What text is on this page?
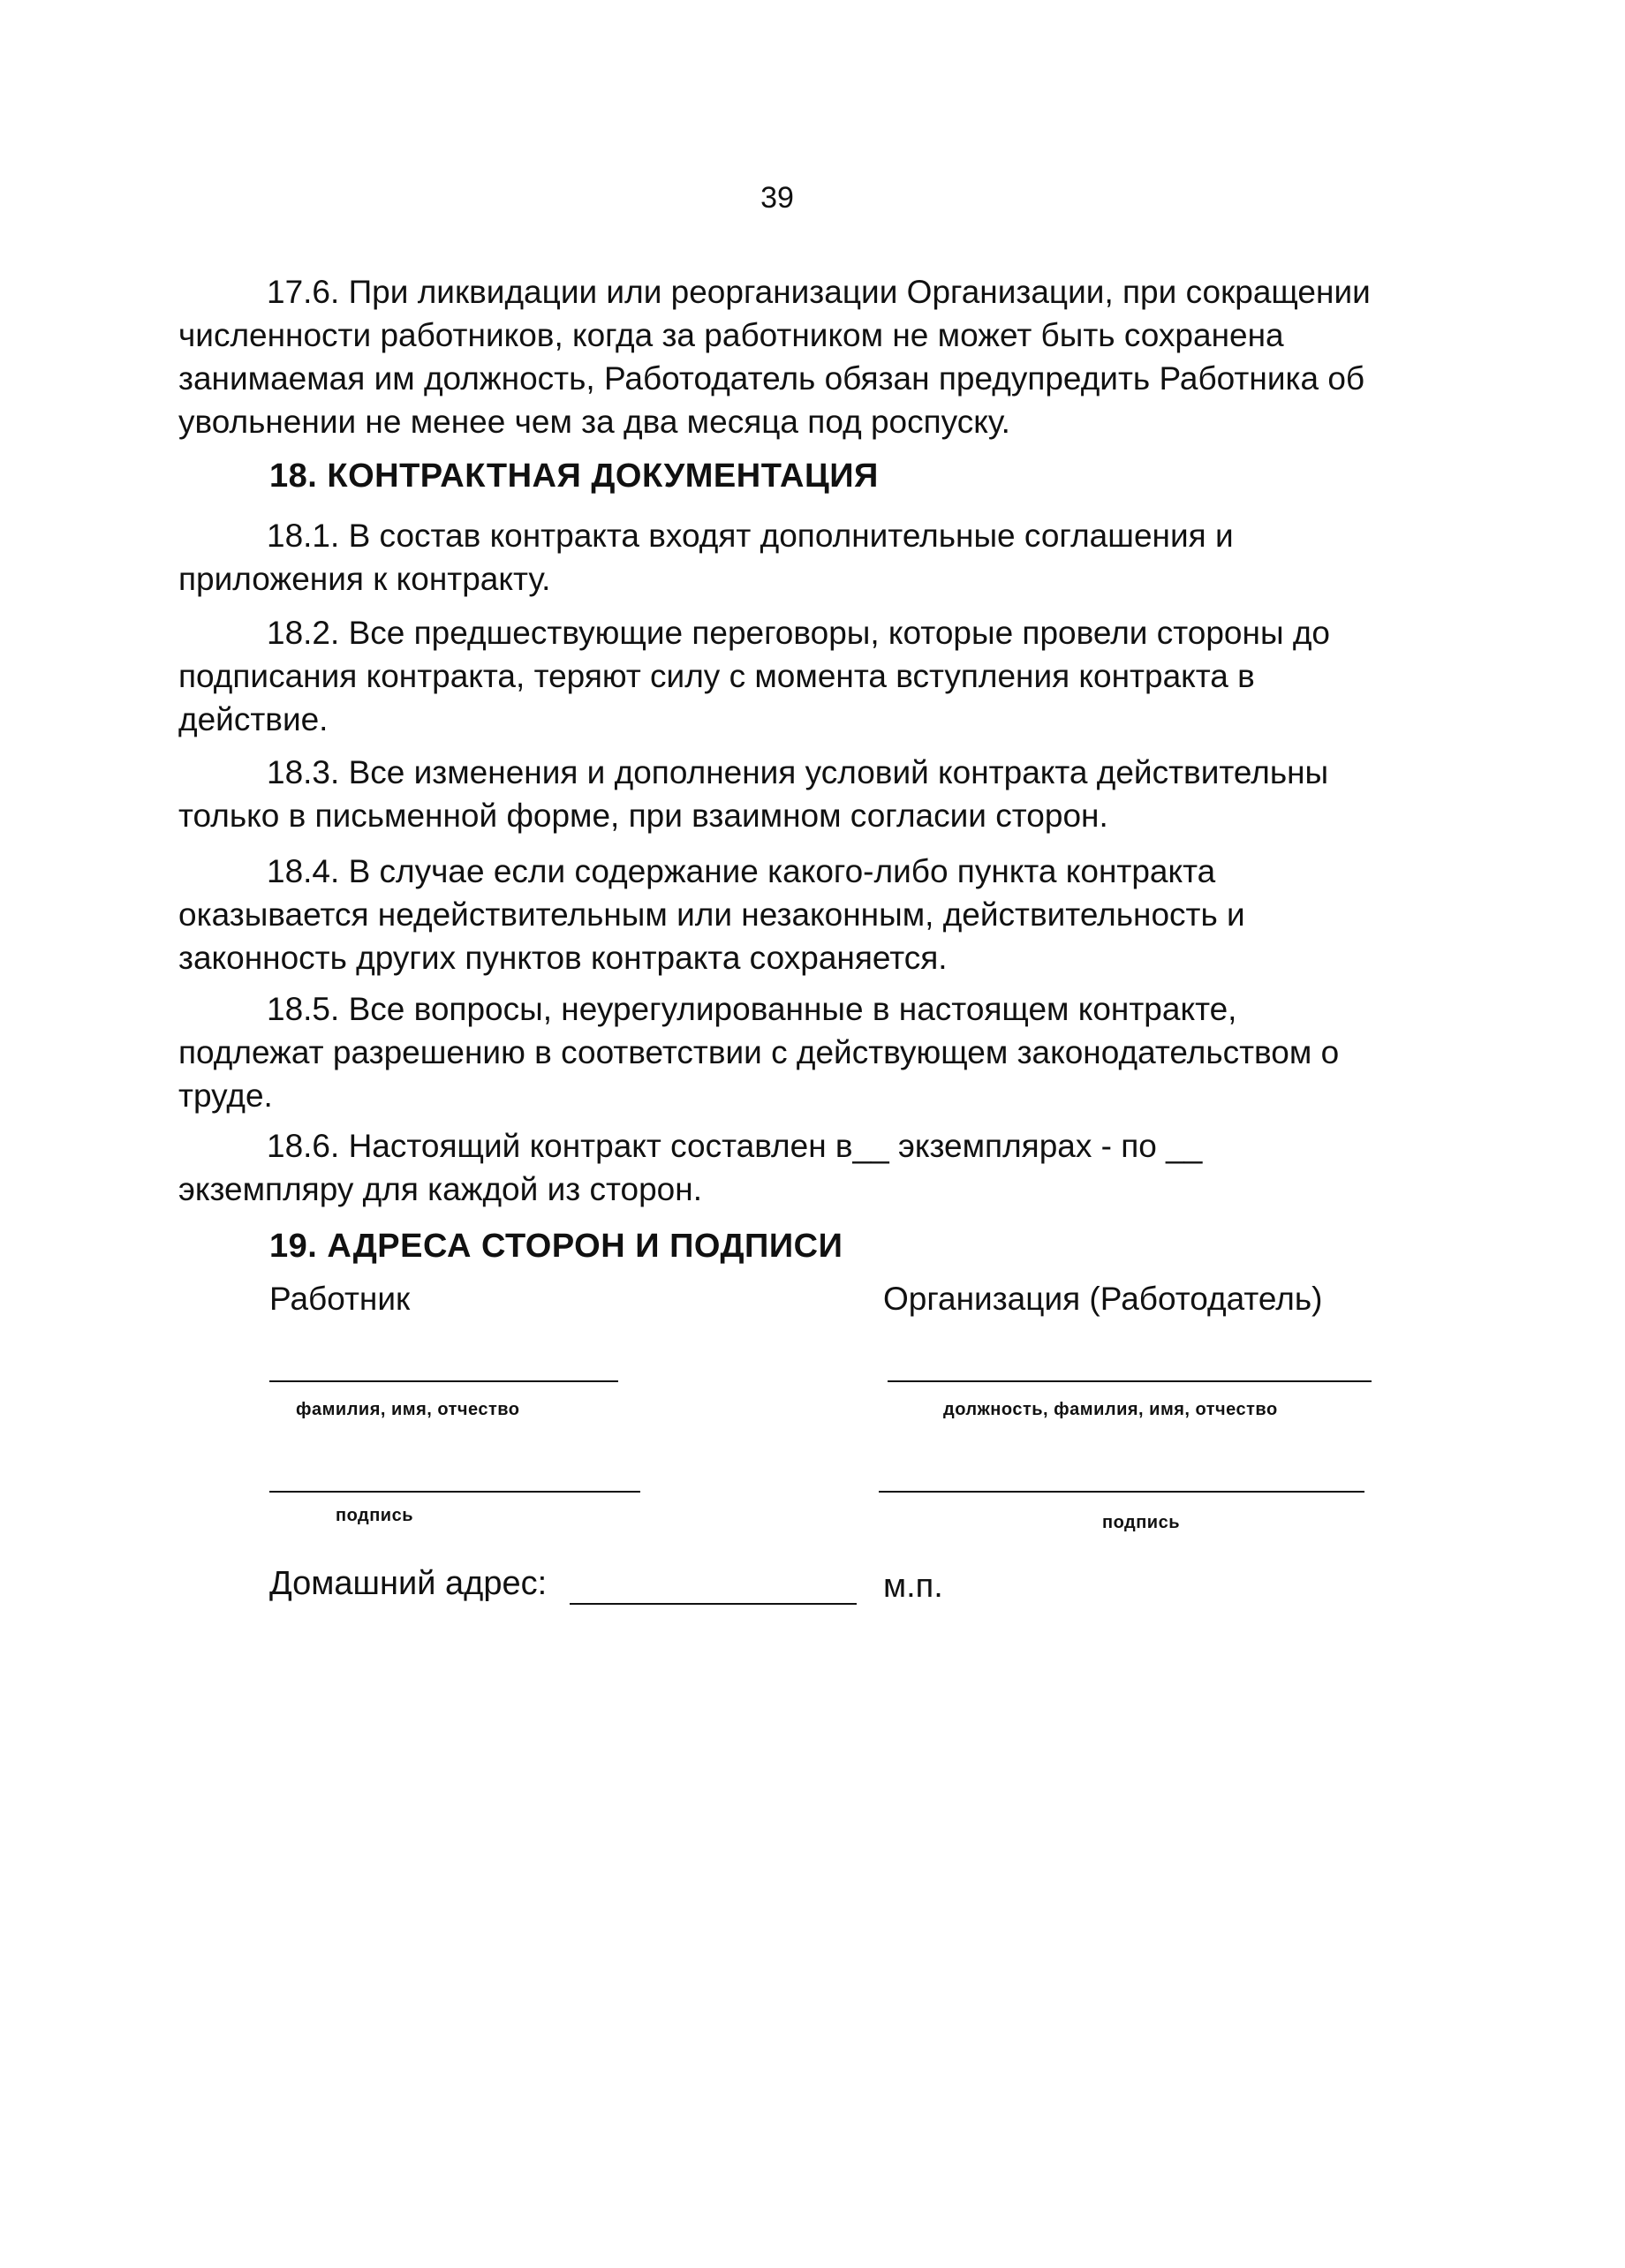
39
17.6. При ликвидации или реорганизации Организации, при сокращении численности работников, когда за работником не может быть сохранена занимаемая им должность, Работодатель обязан предупредить Работника об увольнении не менее чем за два месяца под роспуску.
18. КОНТРАКТНАЯ ДОКУМЕНТАЦИЯ
18.1. В состав контракта входят дополнительные соглашения и приложения к контракту.
18.2. Все предшествующие переговоры, которые провели стороны до подписания контракта, теряют силу с момента вступления контракта в действие.
18.3. Все изменения и дополнения условий контракта действительны только в письменной форме, при взаимном согласии сторон.
18.4. В случае если содержание какого-либо пункта контракта оказывается недействительным или незаконным, действительность и законность других пунктов контракта сохраняется.
18.5. Все вопросы, неурегулированные в настоящем контракте, подлежат разрешению в соответствии с действующем законодательством о труде.
18.6. Настоящий контракт составлен в__ экземплярах - по __ экземпляру для каждой из сторон.
19. АДРЕСА СТОРОН И ПОДПИСИ
Работник	Организация (Работодатель)
фамилия, имя, отчество	должность, фамилия, имя, отчество
подпись	подпись
Домашний адрес:	м.п.
